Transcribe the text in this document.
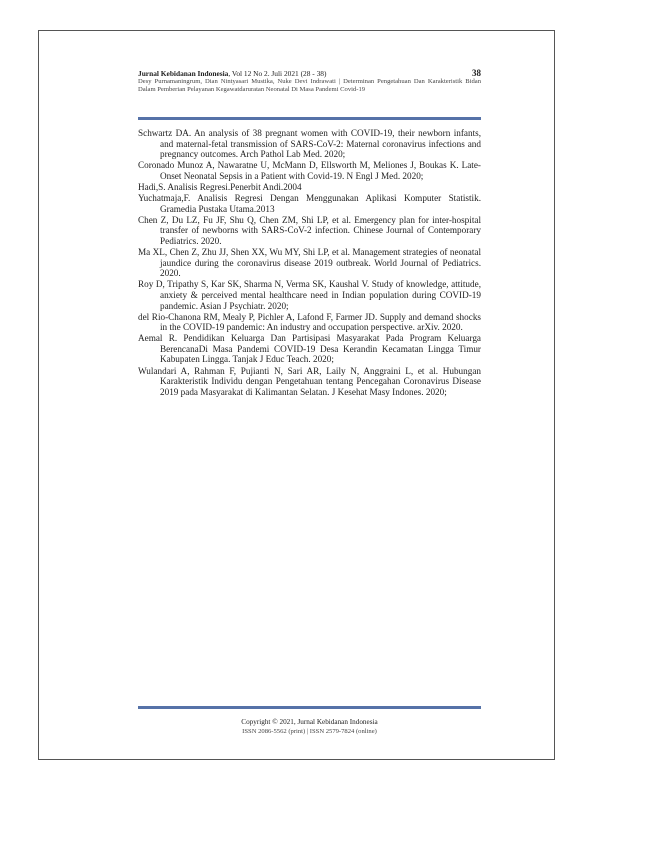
Jurnal Kebidanan Indonesia, Vol 12 No 2. Juli 2021 (28 - 38)	38
Desy Purnamaningrum, Dian Nintyasari Mustika, Nuke Devi Indrawati | Determinan Pengetahuan Dan Karakteristik Bidan Dalam Pemberian Pelayanan Kegawatdaruratan Neonatal Di Masa Pandemi Covid-19
Schwartz DA. An analysis of 38 pregnant women with COVID-19, their newborn infants, and maternal-fetal transmission of SARS-CoV-2: Maternal coronavirus infections and pregnancy outcomes. Arch Pathol Lab Med. 2020;
Coronado Munoz A, Nawaratne U, McMann D, Ellsworth M, Meliones J, Boukas K. Late-Onset Neonatal Sepsis in a Patient with Covid-19. N Engl J Med. 2020;
Hadi,S. Analisis Regresi.Penerbit Andi.2004
Yuchatmaja,F. Analisis Regresi Dengan Menggunakan Aplikasi Komputer Statistik. Gramedia Pustaka Utama.2013
Chen Z, Du LZ, Fu JF, Shu Q, Chen ZM, Shi LP, et al. Emergency plan for inter-hospital transfer of newborns with SARS-CoV-2 infection. Chinese Journal of Contemporary Pediatrics. 2020.
Ma XL, Chen Z, Zhu JJ, Shen XX, Wu MY, Shi LP, et al. Management strategies of neonatal jaundice during the coronavirus disease 2019 outbreak. World Journal of Pediatrics. 2020.
Roy D, Tripathy S, Kar SK, Sharma N, Verma SK, Kaushal V. Study of knowledge, attitude, anxiety & perceived mental healthcare need in Indian population during COVID-19 pandemic. Asian J Psychiatr. 2020;
del Rio-Chanona RM, Mealy P, Pichler A, Lafond F, Farmer JD. Supply and demand shocks in the COVID-19 pandemic: An industry and occupation perspective. arXiv. 2020.
Aemal R. Pendidikan Keluarga Dan Partisipasi Masyarakat Pada Program Keluarga BerencanaDi Masa Pandemi COVID-19 Desa Kerandin Kecamatan Lingga Timur Kabupaten Lingga. Tanjak J Educ Teach. 2020;
Wulandari A, Rahman F, Pujianti N, Sari AR, Laily N, Anggraini L, et al. Hubungan Karakteristik Individu dengan Pengetahuan tentang Pencegahan Coronavirus Disease 2019 pada Masyarakat di Kalimantan Selatan. J Kesehat Masy Indones. 2020;
Copyright © 2021, Jurnal Kebidanan Indonesia
ISSN 2086-5562 (print) | ISSN 2579-7824 (online)
